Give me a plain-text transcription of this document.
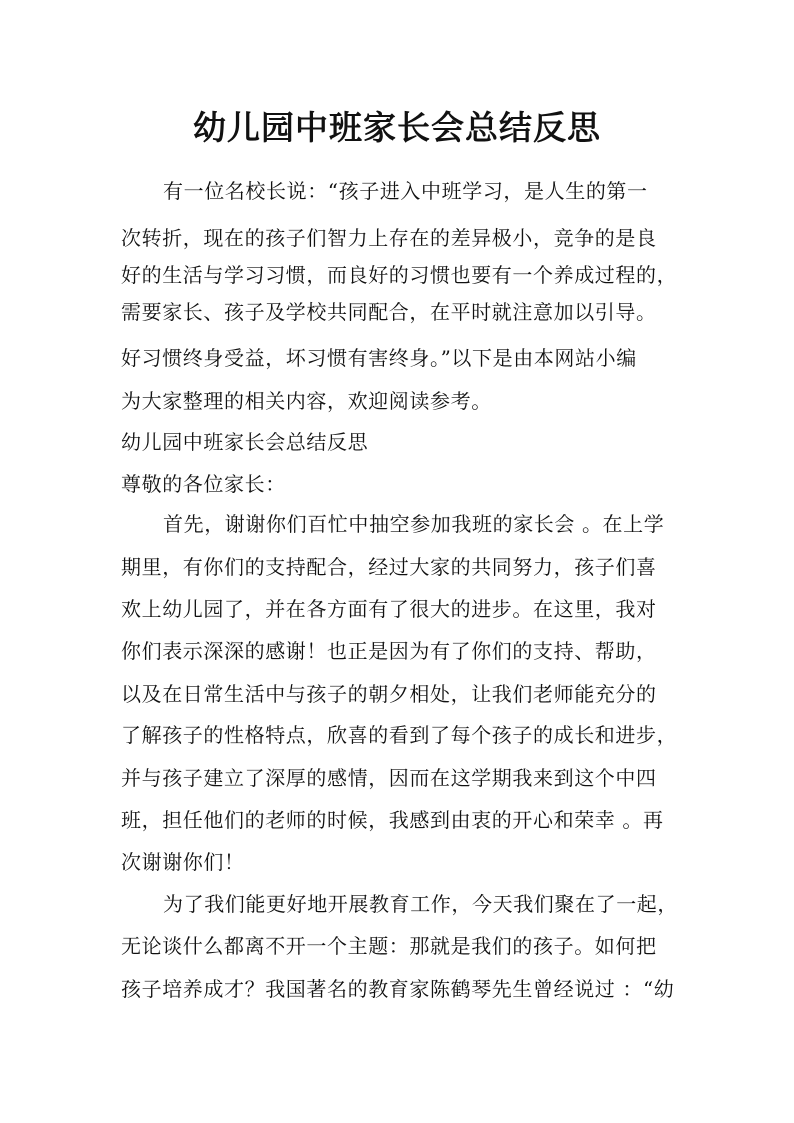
幼儿园中班家长会总结反思
有一位名校长说：“孩子进入中班学习，是人生的第一
次转折，现在的孩子们智力上存在的差异极小，竞争的是良
好的生活与学习习惯，而良好的习惯也要有一个养成过程的，
需要家长、孩子及学校共同配合，在平时就注意加以引导。
好习惯终身受益，坏习惯有害终身。”以下是由本网站小编
为大家整理的相关内容，欢迎阅读参考。
幼儿园中班家长会总结反思
尊敬的各位家长：
首先，谢谢你们百忙中抽空参加我班的家长会 。在上学
期里，有你们的支持配合，经过大家的共同努力，孩子们喜
欢上幼儿园了，并在各方面有了很大的进步。在这里，我对
你们表示深深的感谢！也正是因为有了你们的支持、帮助，
以及在日常生活中与孩子的朝夕相处，让我们老师能充分的
了解孩子的性格特点，欣喜的看到了每个孩子的成长和进步，
并与孩子建立了深厚的感情，因而在这学期我来到这个中四
班，担任他们的老师的时候，我感到由衷的开心和荣幸 。再
次谢谢你们！
为了我们能更好地开展教育工作，今天我们聚在了一起，
无论谈什么都离不开一个主题：那就是我们的孩子。如何把
孩子培养成才？我国著名的教育家陈鹤琴先生曾经说过 ：“幼
